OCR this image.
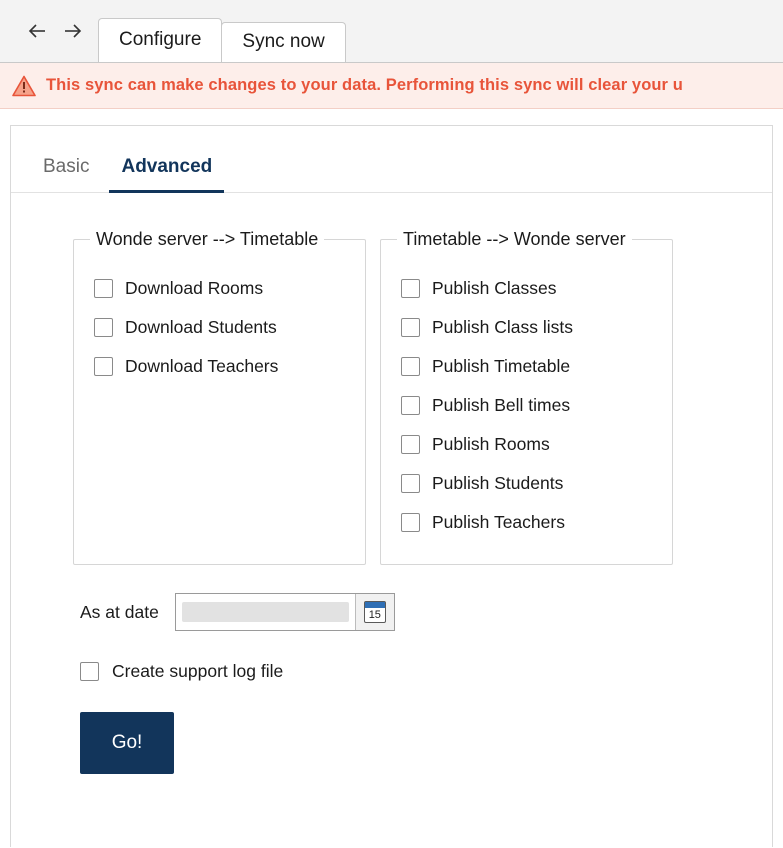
Configure Sync now
This sync can make changes to your data. Performing this sync will clear your u
Basic	Advanced
Wonde server --> Timetable
Download Rooms
Download Students
Download Teachers
Timetable --> Wonde server
Publish Classes
Publish Class lists
Publish Timetable
Publish Bell times
Publish Rooms
Publish Students
Publish Teachers
As at date	15
Create support log file
Go!
